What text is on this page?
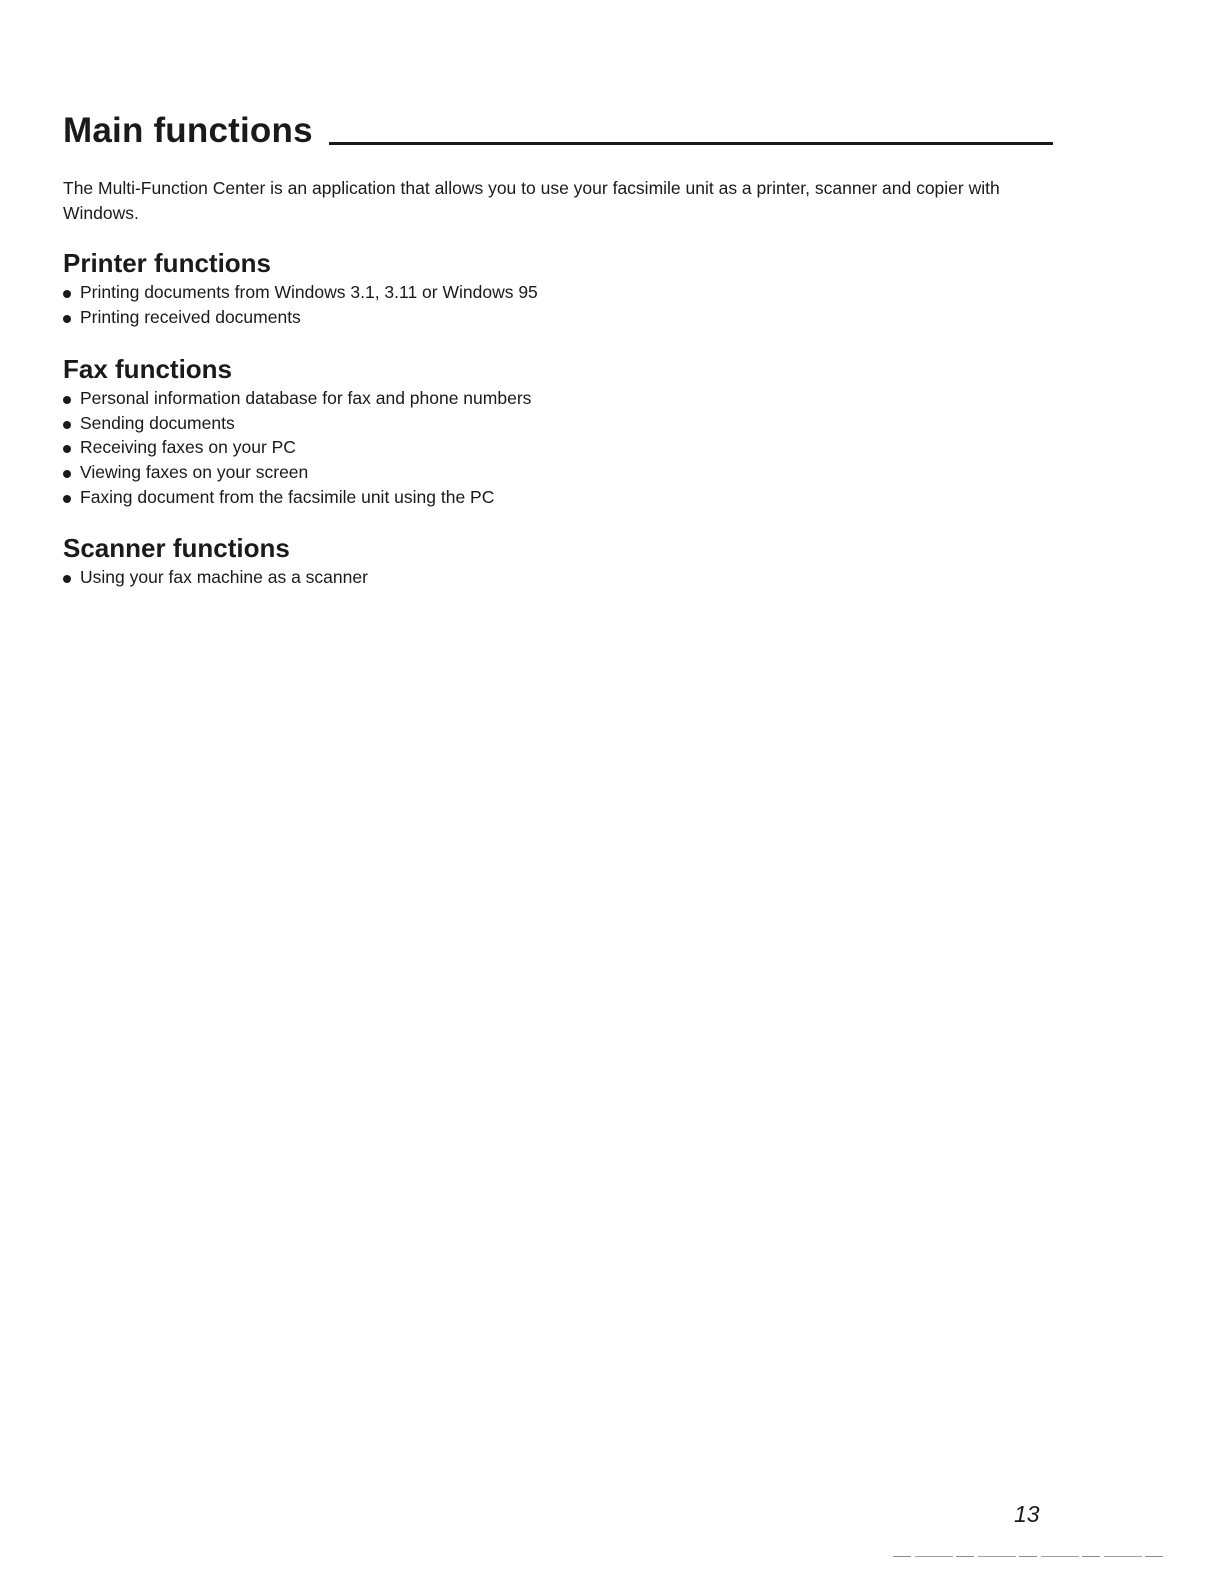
Main functions
The Multi-Function Center is an application that allows you to use your facsimile unit as a printer, scanner and copier with Windows.
Printer functions
Printing documents from Windows 3.1, 3.11 or Windows 95
Printing received documents
Fax functions
Personal information database for fax and phone numbers
Sending documents
Receiving faxes on your PC
Viewing faxes on your screen
Faxing document from the facsimile unit using the PC
Scanner functions
Using your fax machine as a scanner
13
